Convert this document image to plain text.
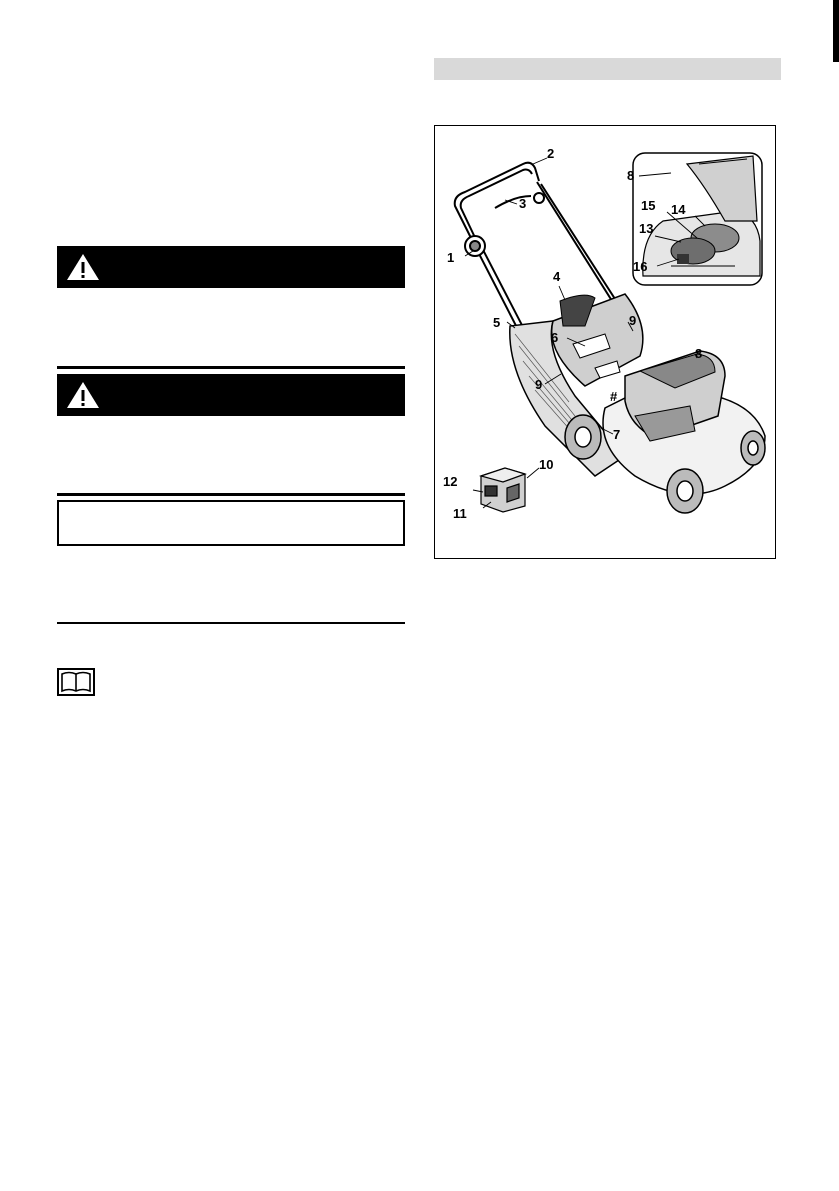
1
2
3
4
5
6
7
8
8
9
9
10
11
12
13
14
15
16
#
